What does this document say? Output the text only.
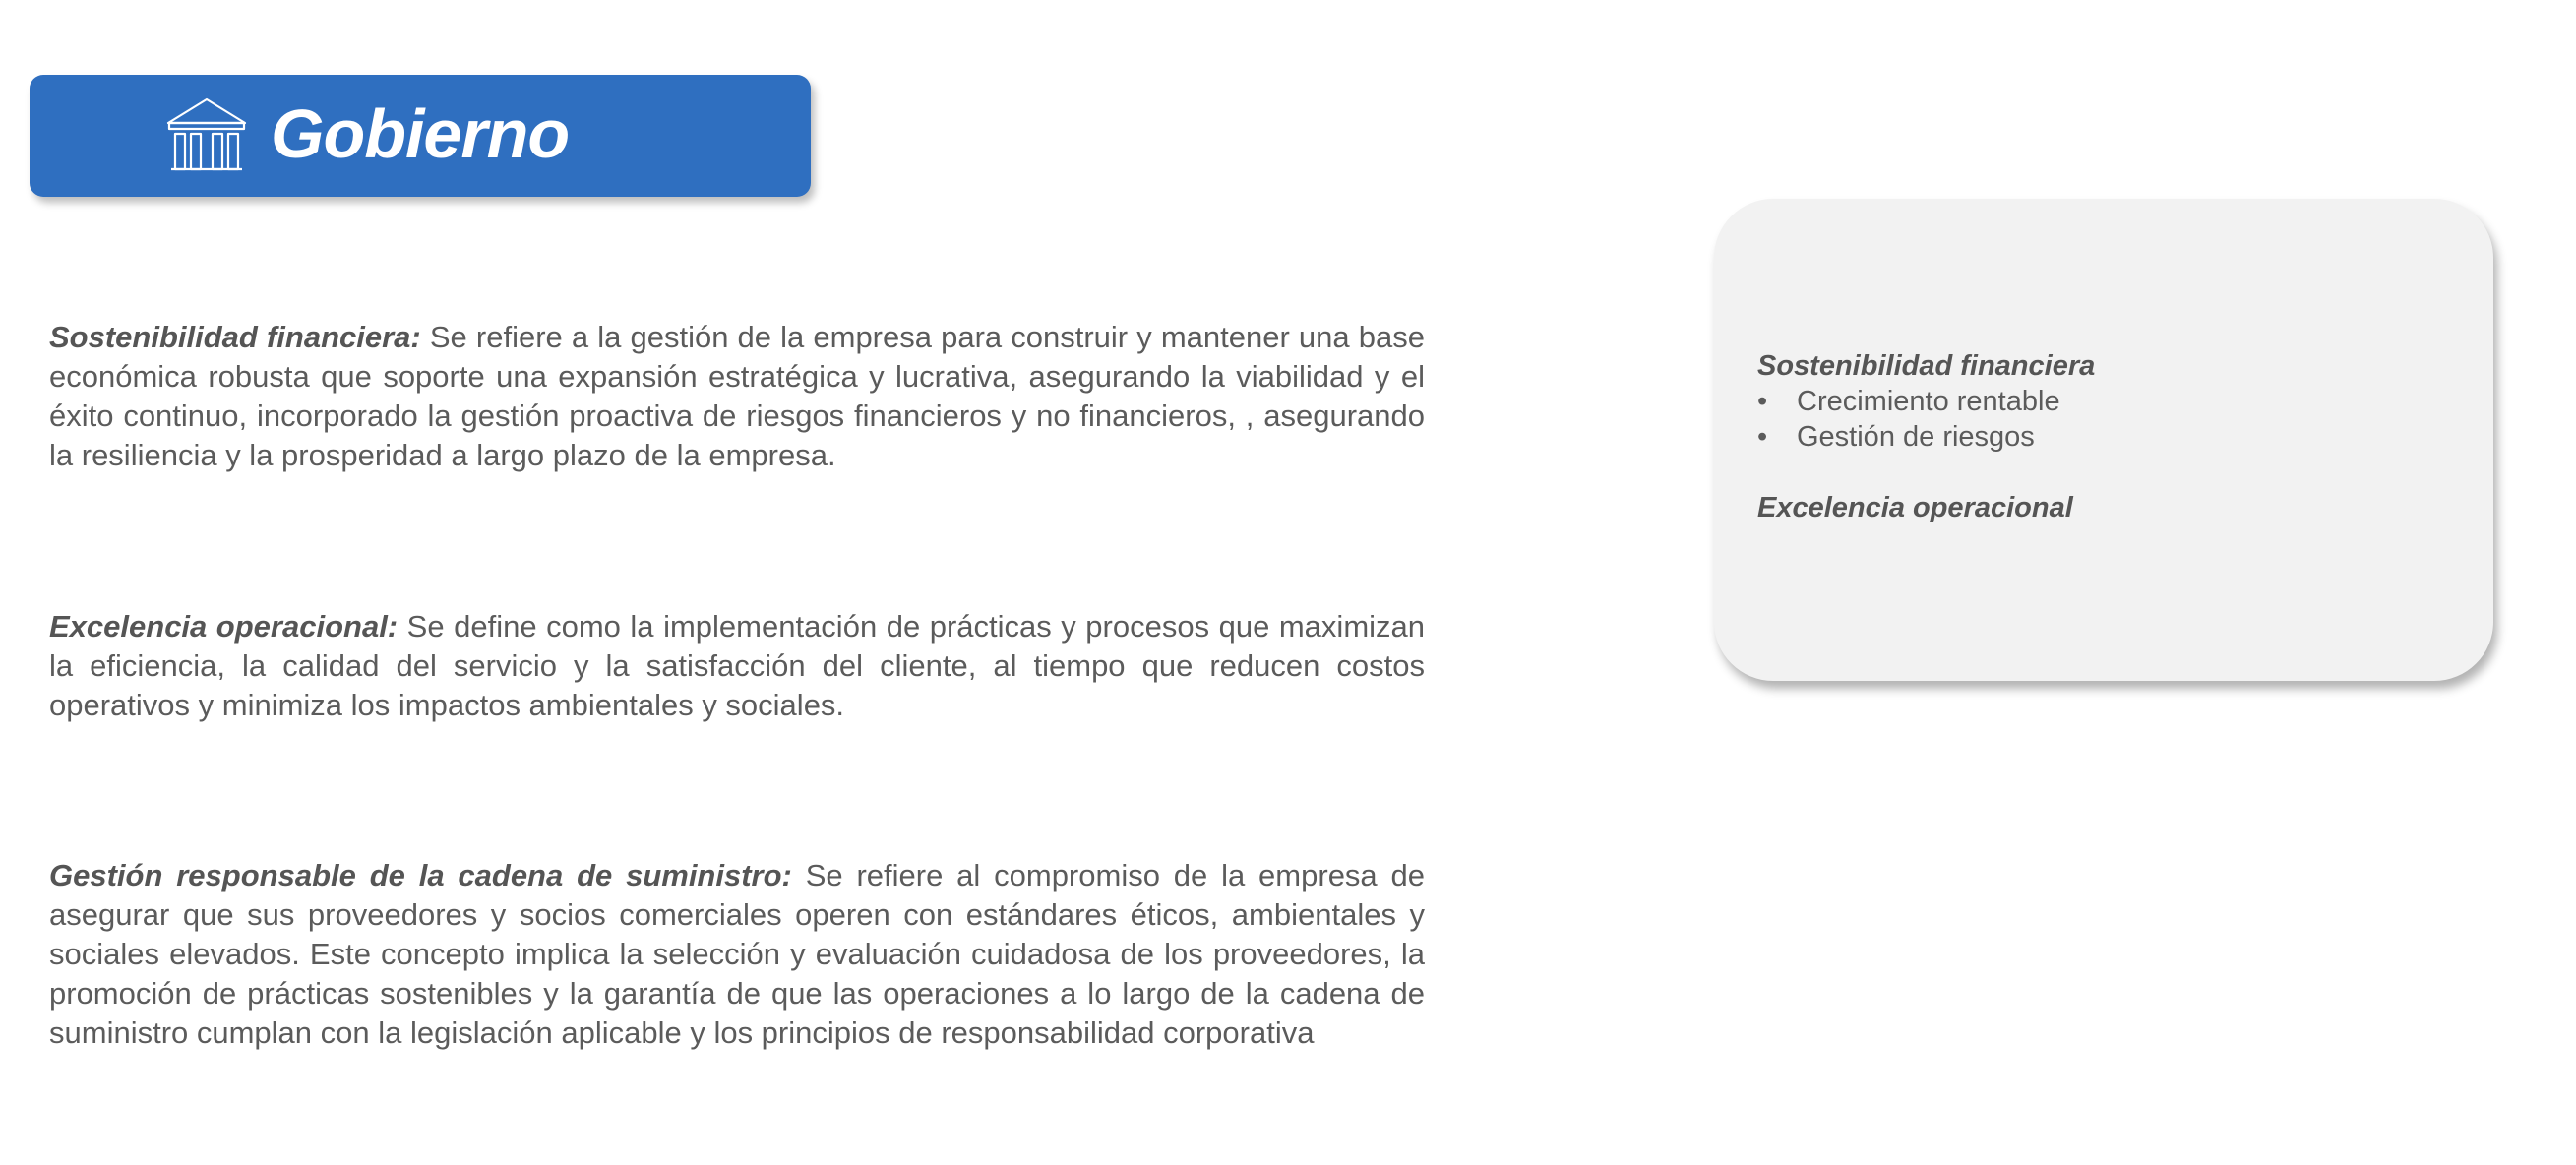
Gobierno

Sostenibilidad financiera: Se refiere a la gestión de la empresa para construir y mantener una base económica robusta que soporte una expansión estratégica y lucrativa, asegurando la viabilidad y el éxito continuo, incorporado la gestión proactiva de riesgos financieros y no financieros, , asegurando la resiliencia y la prosperidad a largo plazo de la empresa.

Excelencia operacional: Se define como la implementación de prácticas y procesos que maximizan la eficiencia, la calidad del servicio y la satisfacción del cliente, al tiempo que reducen costos operativos y minimiza los impactos ambientales y sociales.

Gestión responsable de la cadena de suministro: Se refiere al compromiso de la empresa de asegurar que sus proveedores y socios comerciales operen con estándares éticos, ambientales y sociales elevados. Este concepto implica la selección y evaluación cuidadosa de los proveedores, la promoción de prácticas sostenibles y la garantía de que las operaciones a lo largo de la cadena de suministro cumplan con la legislación aplicable y los principios de responsabilidad corporativa

Sostenibilidad financiera

• Crecimiento rentable
• Gestión de riesgos

Excelencia operacional
